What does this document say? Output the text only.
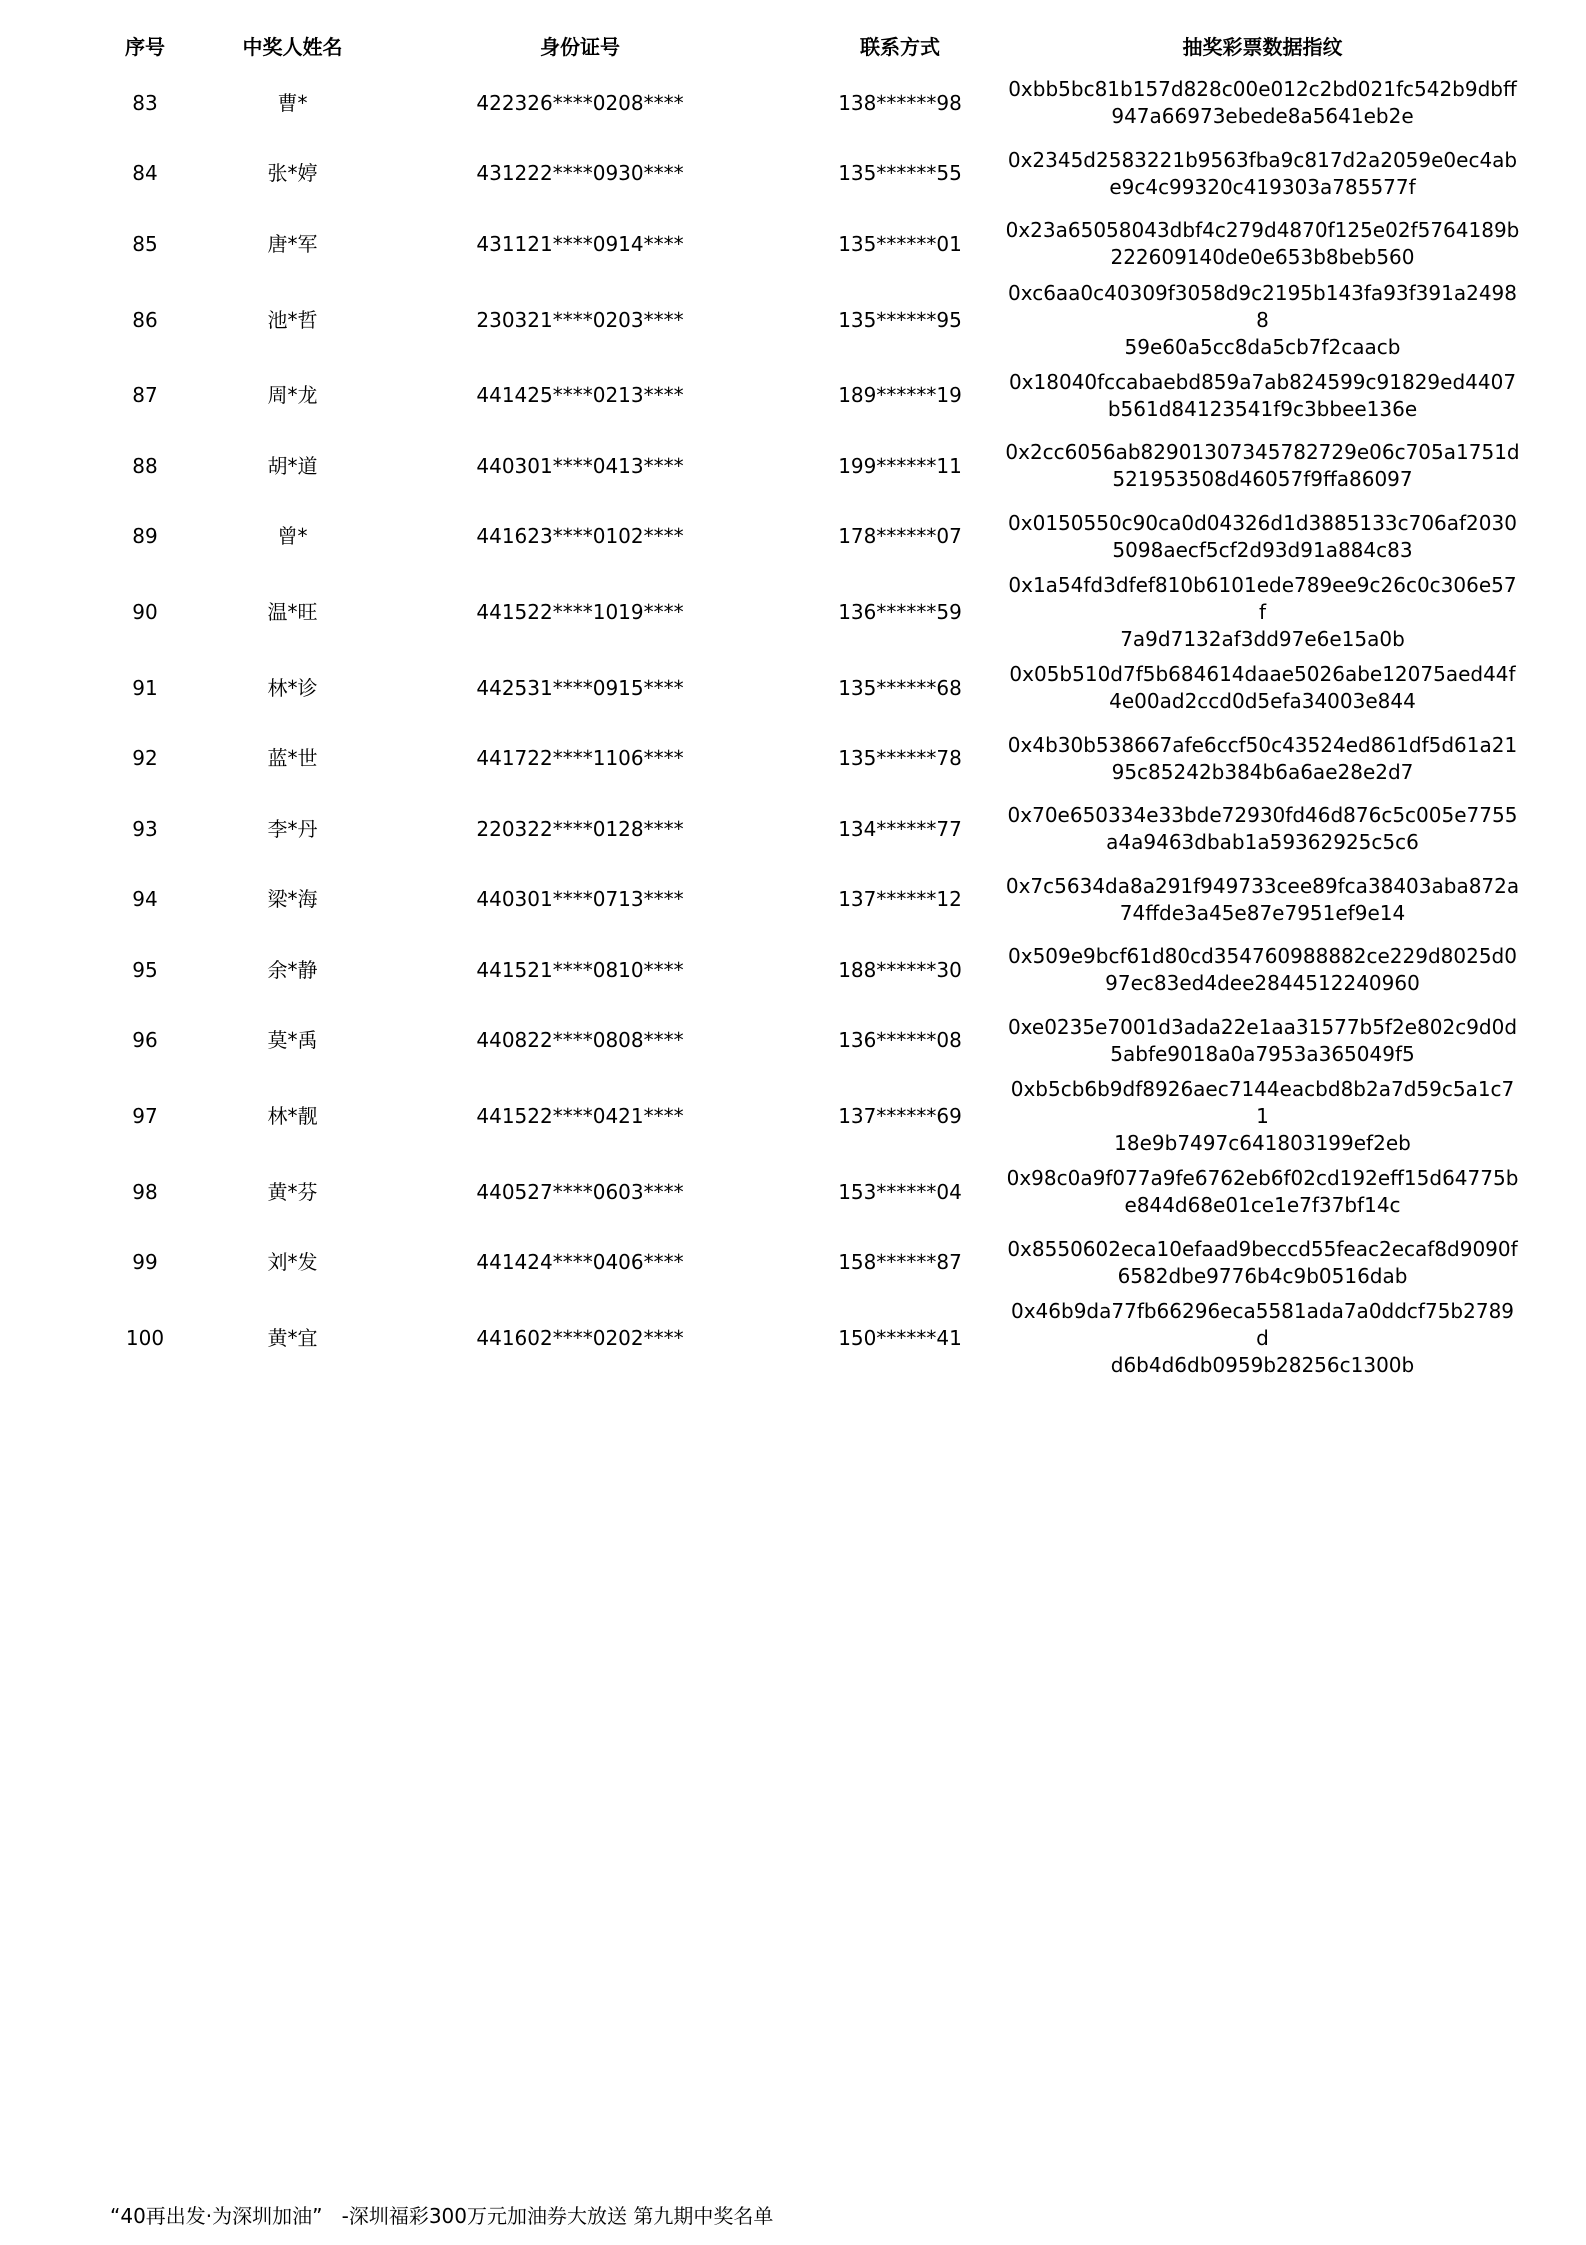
序号	中奖人姓名	身份证号	联系方式	抽奖彩票数据指纹
83	曹*	422326****0208****	138******98	0xbb5bc81b157d828c00e012c2bd021fc542b9dbff
947a66973ebede8a5641eb2e

84	张*婷	431222****0930****	135******55	0x2345d2583221b9563fba9c817d2a2059e0ec4ab
e9c4c99320c419303a785577f

85	唐*军	431121****0914****	135******01	0x23a65058043dbf4c279d4870f125e02f5764189b
222609140de0e653b8beb560

86	池*哲	230321****0203****	135******95	0xc6aa0c40309f3058d9c2195b143fa93f391a24988
59e60a5cc8da5cb7f2caacb

87	周*龙	441425****0213****	189******19	0x18040fccabaebd859a7ab824599c91829ed4407
b561d84123541f9c3bbee136e

88	胡*道	440301****0413****	199******11	0x2cc6056ab82901307345782729e06c705a1751d
521953508d46057f9ffa86097

89	曾*	441623****0102****	178******07	0x0150550c90ca0d04326d1d3885133c706af2030
5098aecf5cf2d93d91a884c83

90	温*旺	441522****1019****	136******59	0x1a54fd3dfef810b6101ede789ee9c26c0c306e57f
7a9d7132af3dd97e6e15a0b

91	林*诊	442531****0915****	135******68	0x05b510d7f5b684614daae5026abe12075aed44f
4e00ad2ccd0d5efa34003e844

92	蓝*世	441722****1106****	135******78	0x4b30b538667afe6ccf50c43524ed861df5d61a21
95c85242b384b6a6ae28e2d7

93	李*丹	220322****0128****	134******77	0x70e650334e33bde72930fd46d876c5c005e7755
a4a9463dbab1a59362925c5c6

94	梁*海	440301****0713****	137******12	0x7c5634da8a291f949733cee89fca38403aba872a
74ffde3a45e87e7951ef9e14

95	余*静	441521****0810****	188******30	0x509e9bcf61d80cd354760988882ce229d8025d0
97ec83ed4dee2844512240960

96	莫*禹	440822****0808****	136******08	0xe0235e7001d3ada22e1aa31577b5f2e802c9d0d
5abfe9018a0a7953a365049f5

97	林*靓	441522****0421****	137******69	0xb5cb6b9df8926aec7144eacbd8b2a7d59c5a1c71
18e9b7497c641803199ef2eb

98	黄*芬	440527****0603****	153******04	0x98c0a9f077a9fe6762eb6f02cd192eff15d64775b
e844d68e01ce1e7f37bf14c

99	刘*发	441424****0406****	158******87	0x8550602eca10efaad9beccd55feac2ecaf8d9090f
6582dbe9776b4c9b0516dab

100	黄*宜	441602****0202****	150******41	0x46b9da77fb66296eca5581ada7a0ddcf75b2789d
d6b4d6db0959b28256c1300b
“40再出发·为深圳加油”   -深圳福彩300万元加油券大放送 第九期中奖名单
